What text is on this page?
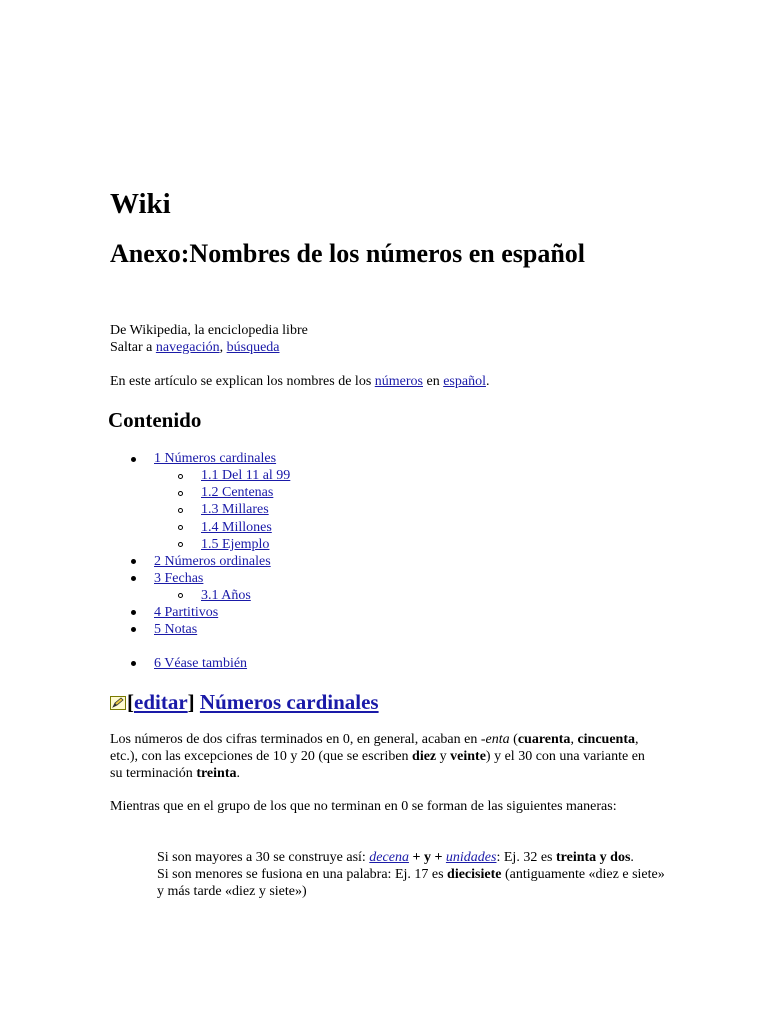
Wiki
Anexo:Nombres de los números en español
De Wikipedia, la enciclopedia libre
Saltar a navegación, búsqueda

En este artículo se explican los nombres de los números en español.

Contenido
1 Números cardinales
1.1 Del 11 al 99
1.2 Centenas
1.3 Millares
1.4 Millones
1.5 Ejemplo
2 Números ordinales
3 Fechas
3.1 Años
4 Partitivos
5 Notas
6 Véase también
[editar] Números cardinales

Los números de dos cifras terminados en 0, en general, acaban en -enta (cuarenta, cincuenta, etc.), con las excepciones de 10 y 20 (que se escriben diez y veinte) y el 30 con una variante en su terminación treinta.

Mientras que en el grupo de los que no terminan en 0 se forman de las siguientes maneras:

Si son mayores a 30 se construye así: decena + y + unidades: Ej. 32 es treinta y dos.
Si son menores se fusiona en una palabra: Ej. 17 es diecisiete (antiguamente «diez e siete» y más tarde «diez y siete»)
